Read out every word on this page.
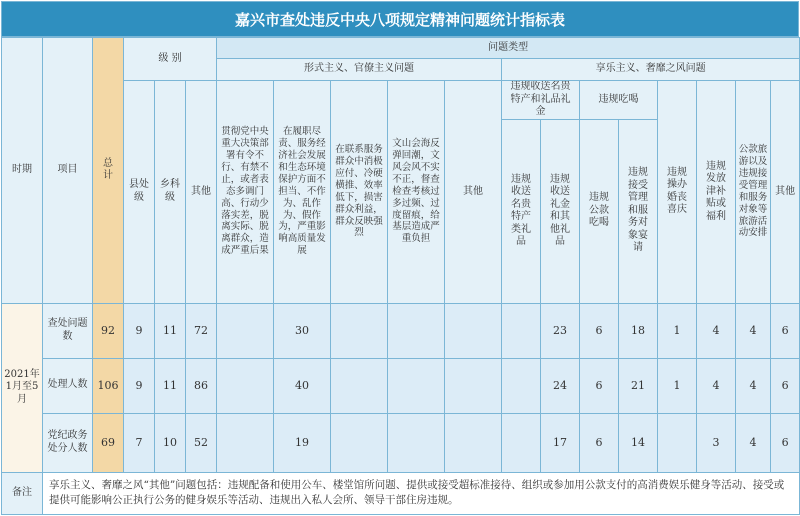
嘉兴市查处违反中央八项规定精神问题统计指标表
时期	项目	总计	级 别			问题类型												
						形式主义、官僚主义问题					享乐主义、奢靡之风问题							
			县处级	乡科级	其他	贯彻党中央重大决策部署有令不行、有禁不止，或者表态多调门高、行动少落实差，脱离实际、脱离群众，造成严重后果	在履职尽责、服务经济社会发展和生态环境保护方面不担当、不作为、乱作为、假作为，严重影响高质量发展	在联系服务群众中消极应付、冷硬横推、效率低下，损害群众利益，群众反映强烈	文山会海反弹回潮，文风会风不实不正，督查检查考核过多过频、过度留痕，给基层造成严重负担	其他	违规收送名贵特产和礼品礼金		违规吃喝		违规操办婚丧喜庆	违规发放津补贴或福利	公款旅游以及违规接受管理和服务对象等旅游活动安排	其他
											违规收送名贵特产类礼品	违规收送礼金和其他礼品	违规公款吃喝	违规接受管理和服务对象宴请				

2021年1月至5月	查处问题数	92	9	11	72		30					23	6	18	1	4	4	6
	处理人数	106	9	11	86		40					24	6	21	1	4	4	6
	党纪政务处分人数	69	7	10	52		19					17	6	14		3	4	6
备注	享乐主义、奢靡之风“其他”问题包括：违规配备和使用公车、楼堂馆所问题、提供或接受超标准接待、组织或参加用公款支付的高消费娱乐健身等活动、接受或提供可能影响公正执行公务的健身娱乐等活动、违规出入私人会所、领导干部住房违规。																	
